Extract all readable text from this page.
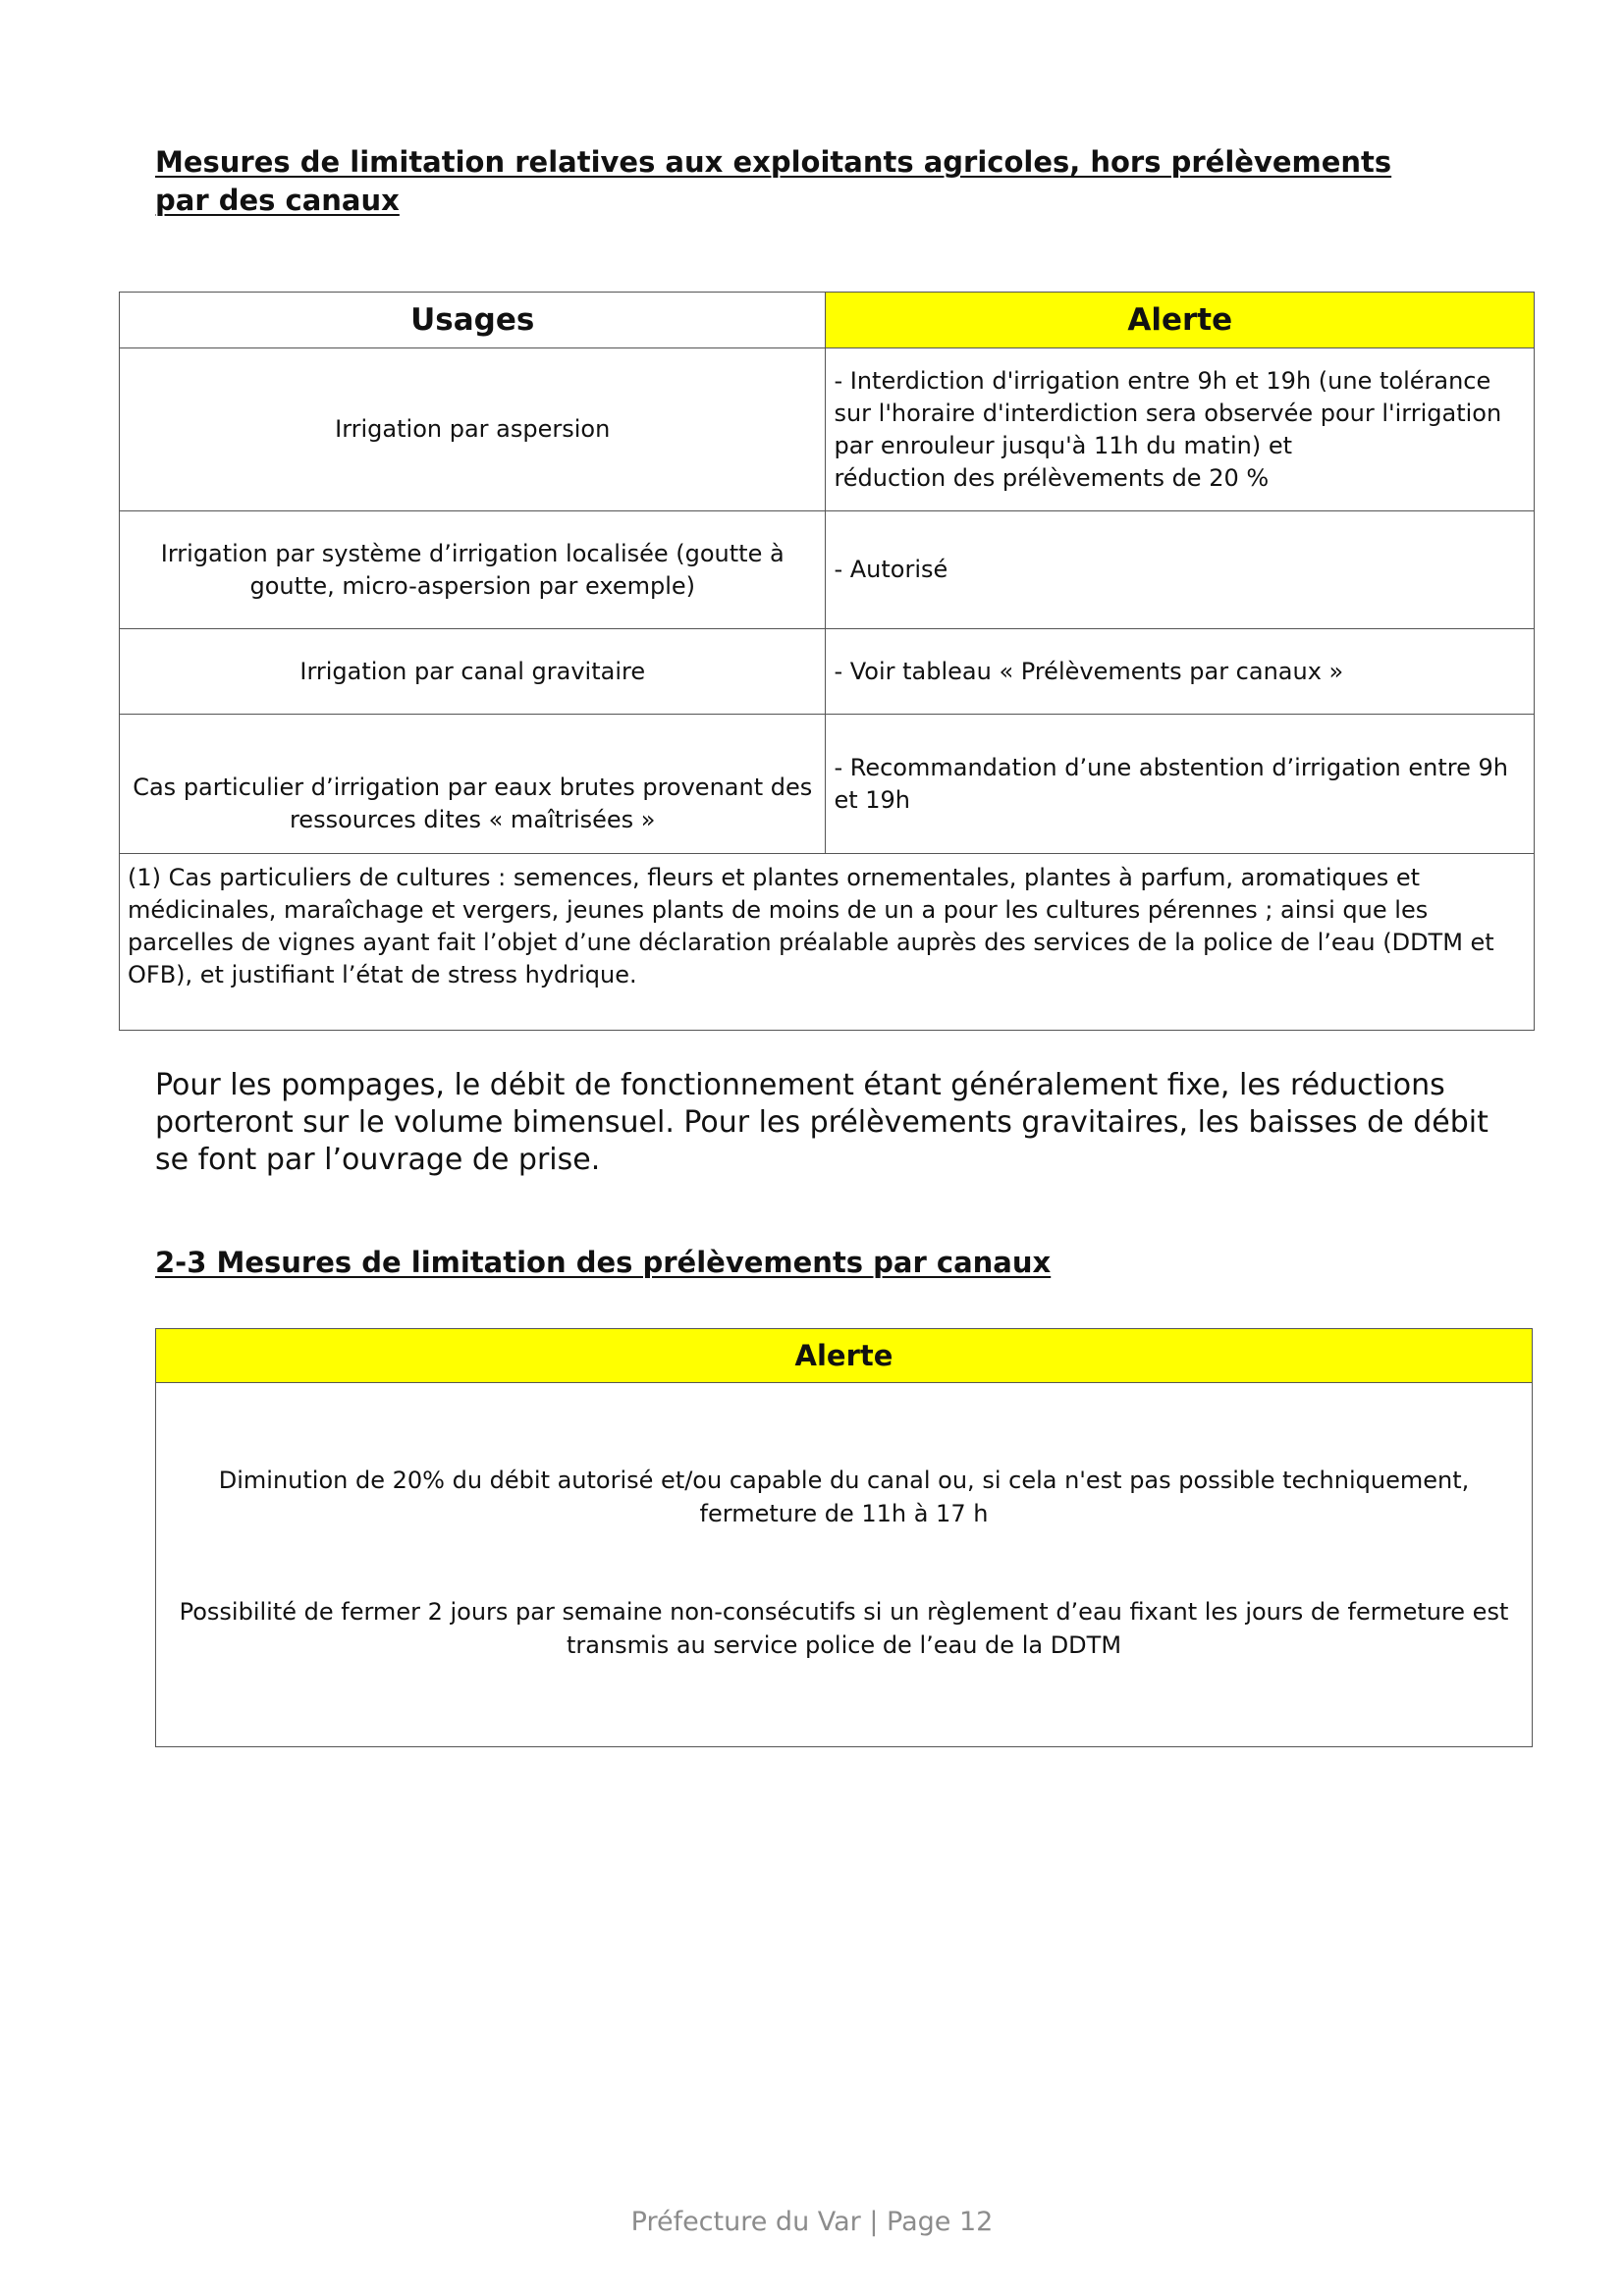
Mesures de limitation relatives aux exploitants agricoles, hors prélèvements par des canaux
Usages	Alerte
Irrigation par aspersion	- Interdiction d'irrigation entre 9h et 19h (une tolérance sur l'horaire d'interdiction sera observée pour l'irrigation par enrouleur jusqu'à 11h du matin) et
réduction des prélèvements de 20 %

Irrigation par système d’irrigation localisée (goutte à goutte, micro-aspersion par exemple)	- Autorisé

Irrigation par canal gravitaire	- Voir tableau « Prélèvements par canaux »

Cas particulier d’irrigation par eaux brutes provenant des ressources dites « maîtrisées »	- Recommandation d’une abstention d’irrigation entre 9h et 19h

(1) Cas particuliers de cultures : semences, fleurs et plantes ornementales, plantes à parfum, aromatiques et médicinales, maraîchage et vergers, jeunes plants de moins de un a pour les cultures pérennes ; ainsi que les parcelles de vignes ayant fait l’objet d’une déclaration préalable auprès des services de la police de l’eau (DDTM et OFB), et justifiant l’état de stress hydrique.	

Pour les pompages, le débit de fonctionnement étant généralement fixe, les réductions porteront sur le volume bimensuel. Pour les prélèvements gravitaires, les baisses de débit se font par l’ouvrage de prise.

2-3 Mesures de limitation des prélèvements par canaux
Alerte

Diminution de 20% du débit autorisé et/ou capable du canal ou, si cela n'est pas possible techniquement, fermeture de 11h à 17 h
Possibilité de fermer 2 jours par semaine non-consécutifs si un règlement d’eau fixant les jours de fermeture est transmis au service police de l’eau de la DDTM
Préfecture du Var | Page 12
